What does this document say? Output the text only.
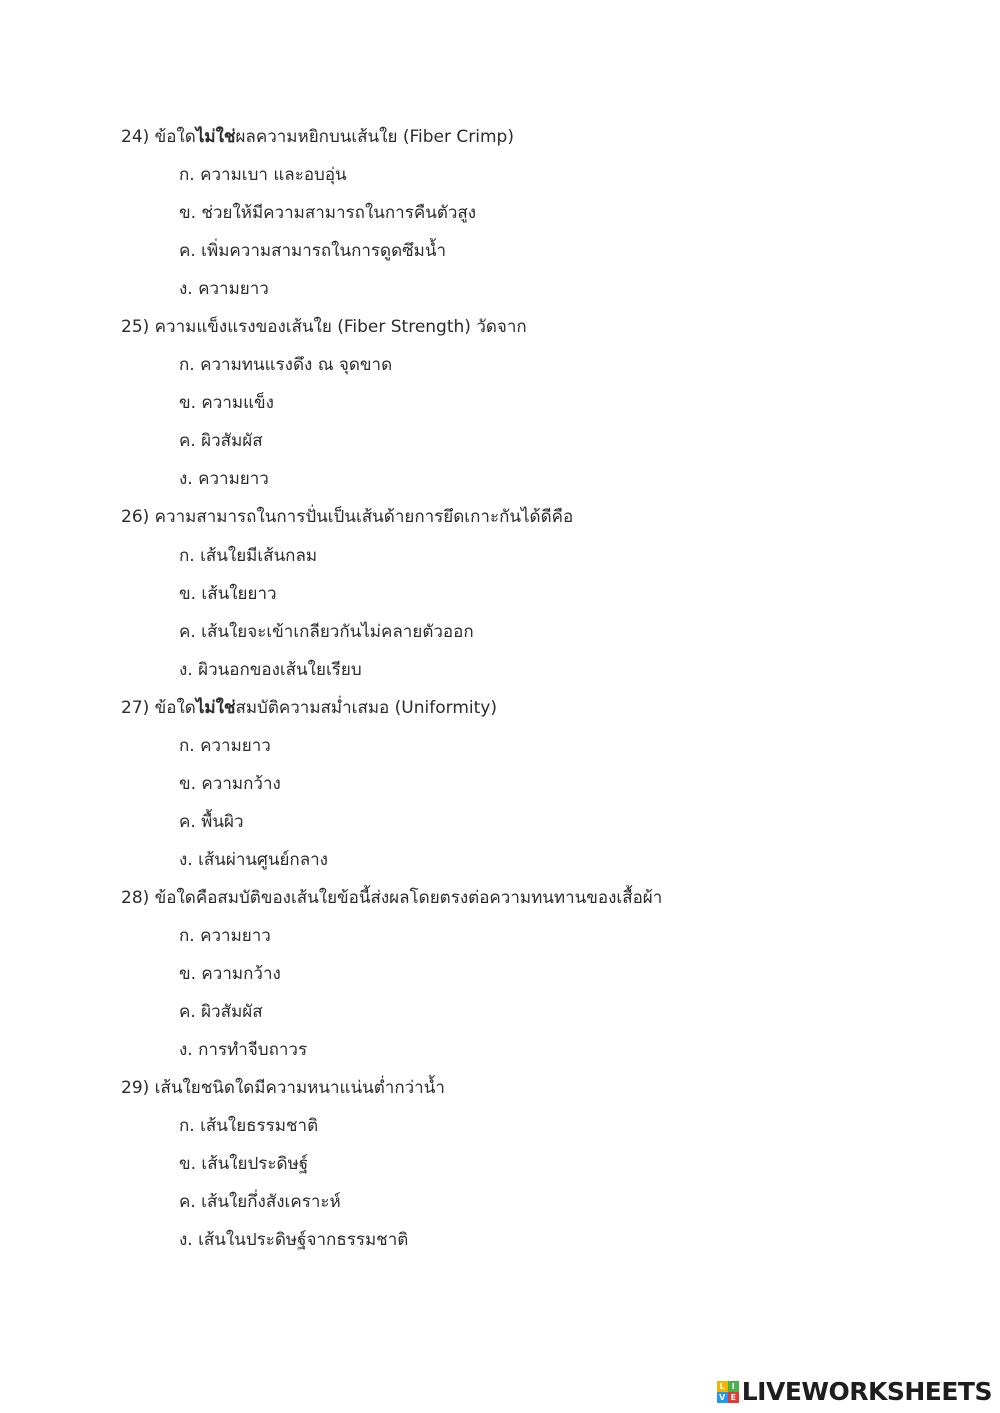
24) ข้อใดไม่ใช่ผลความหยิกบนเส้นใย (Fiber Crimp)
ก. ความเบา และอบอุ่น
ข. ช่วยให้มีความสามารถในการคืนตัวสูง
ค. เพิ่มความสามารถในการดูดซึมน้ำ
ง. ความยาว
25) ความแข็งแรงของเส้นใย (Fiber Strength) วัดจาก
ก. ความทนแรงดึง ณ จุดขาด
ข. ความแข็ง
ค. ผิวสัมผัส
ง. ความยาว
26) ความสามารถในการปั่นเป็นเส้นด้ายการยึดเกาะกันได้ดีคือ
ก. เส้นใยมีเส้นกลม
ข. เส้นใยยาว
ค. เส้นใยจะเข้าเกลียวกันไม่คลายตัวออก
ง. ผิวนอกของเส้นใยเรียบ
27) ข้อใดไม่ใช่สมบัติความสม่ำเสมอ (Uniformity)
ก. ความยาว
ข. ความกว้าง
ค. พื้นผิว
ง. เส้นผ่านศูนย์กลาง
28) ข้อใดคือสมบัติของเส้นใยข้อนี้ส่งผลโดยตรงต่อความทนทานของเสื้อผ้า
ก. ความยาว
ข. ความกว้าง
ค. ผิวสัมผัส
ง. การทำจีบถาวร
29) เส้นใยชนิดใดมีความหนาแน่นต่ำกว่าน้ำ
ก. เส้นใยธรรมชาติ
ข. เส้นใยประดิษฐ์
ค. เส้นใยกึ่งสังเคราะห์
ง. เส้นในประดิษฐ์จากธรรมชาติ
L I
V E LIVEWORKSHEETS
